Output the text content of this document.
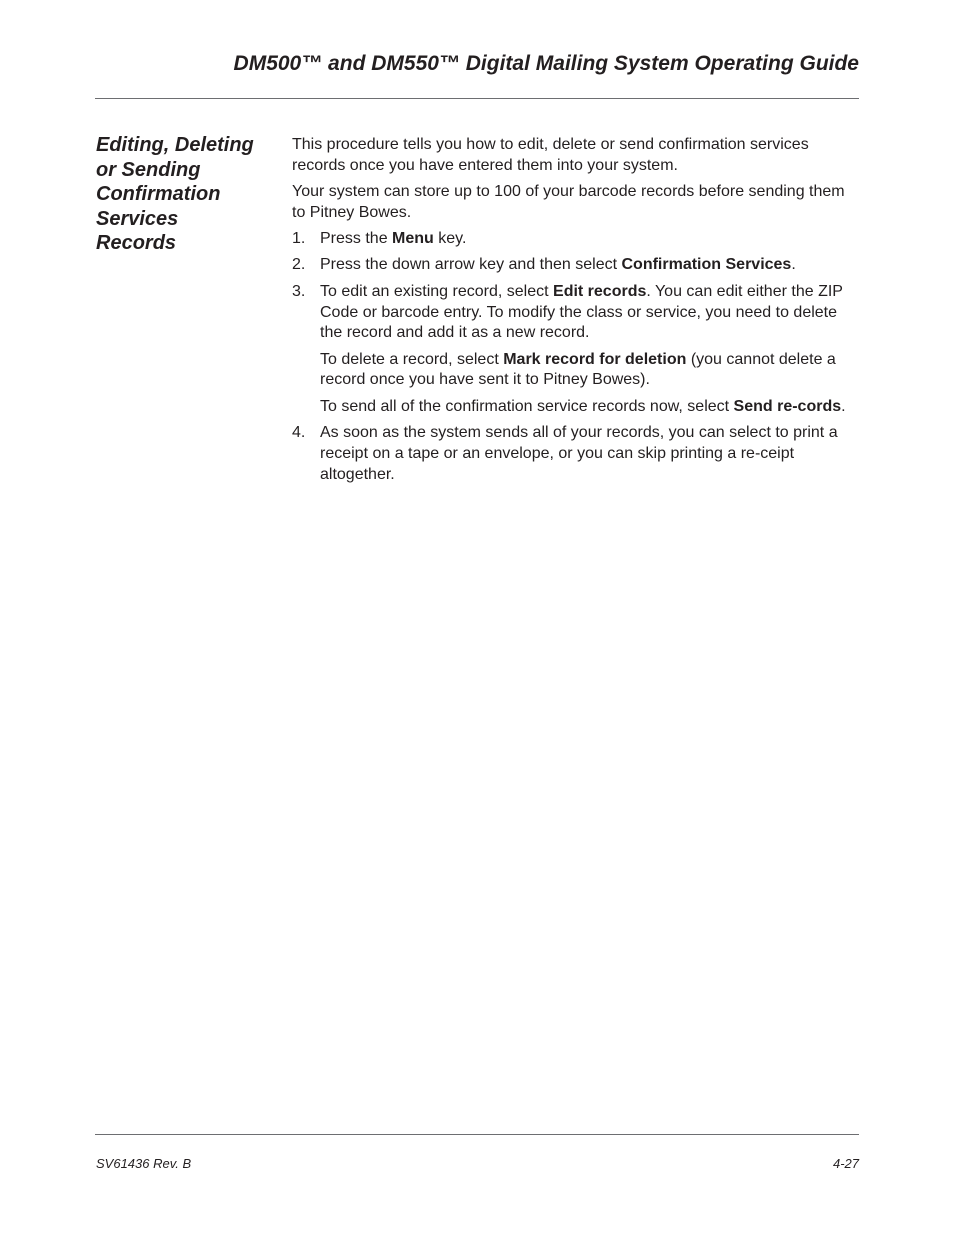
DM500™ and DM550™ Digital Mailing System Operating Guide
Editing, Deleting
or Sending
Confirmation
Services
Records

This procedure tells you how to edit, delete or send confirmation services records once you have entered them into your system.

Your system can store up to 100 of your barcode records before sending them to Pitney Bowes.

1. Press the Menu key.

2. Press the down arrow key and then select Confirmation Services.

3. To edit an existing record, select Edit records. You can edit either the ZIP Code or barcode entry. To modify the class or service, you need to delete the record and add it as a new record.

To delete a record, select Mark record for deletion (you cannot delete a record once you have sent it to Pitney Bowes).

To send all of the confirmation service records now, select Send re-cords.

4. As soon as the system sends all of your records, you can select to print a receipt on a tape or an envelope, or you can skip printing a re-ceipt altogether.

SV61436 Rev. B	4-27
